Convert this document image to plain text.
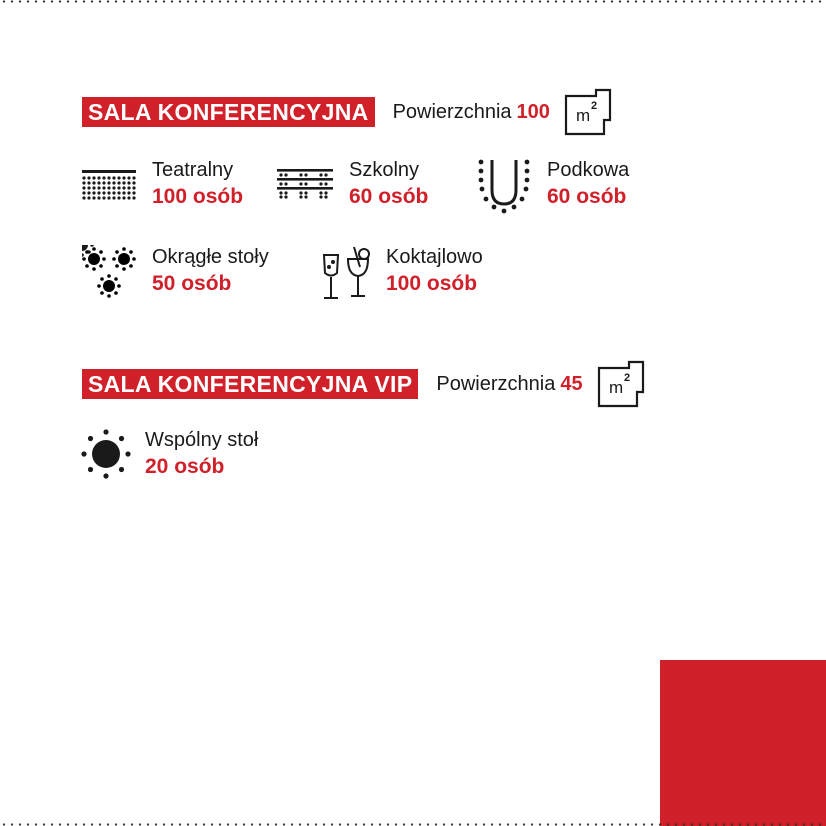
SALA KONFERENCYJNA	Powierzchnia 100 m 2
Teatralny
100 osób
Szkolny
60 osób
Podkowa
60 osób
Okrągłe stoły
50 osób
Koktajlowo
100 osób
SALA KONFERENCYJNA VIP	Powierzchnia 45 m 2
Wspólny stoł
20 osób
